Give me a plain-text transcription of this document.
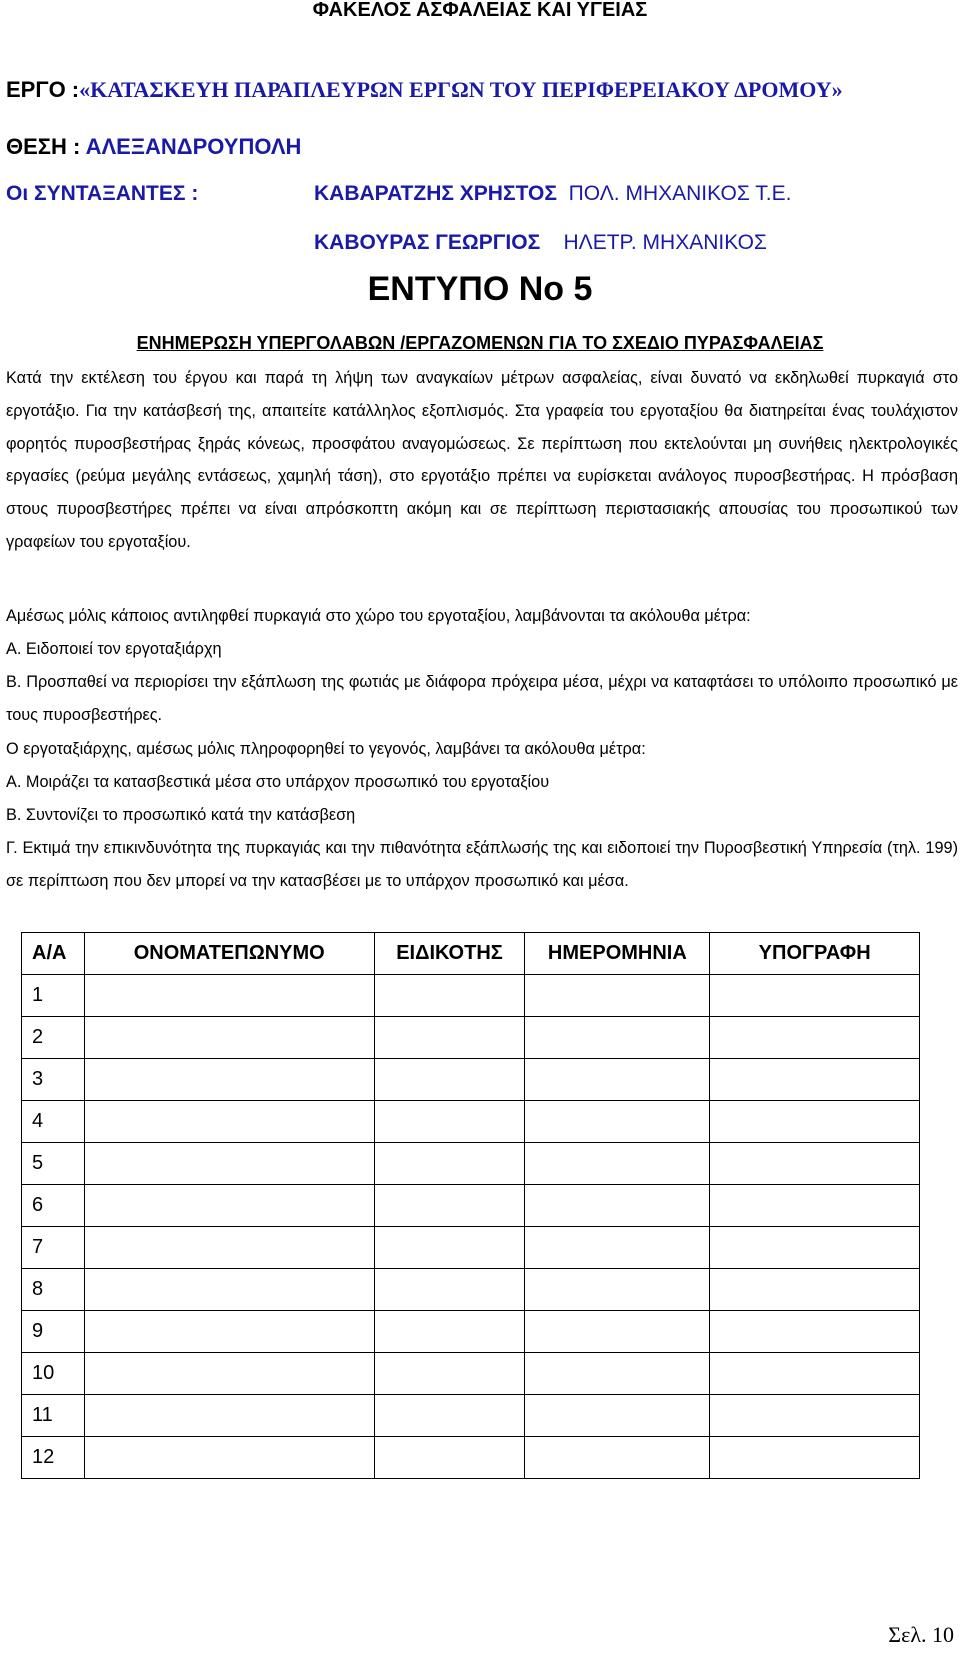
ΦΑΚΕΛΟΣ ΑΣΦΑΛΕΙΑΣ ΚΑΙ ΥΓΕΙΑΣ
ΕΡΓΟ :«ΚΑΤΑΣΚΕΥΗ ΠΑΡΑΠΛΕΥΡΩΝ ΕΡΓΩΝ ΤΟΥ ΠΕΡΙΦΕΡΕΙΑΚΟΥ ΔΡΟΜΟΥ»
ΘΕΣΗ : ΑΛΕΞΑΝΔΡΟΥΠΟΛΗ
Οι ΣΥΝΤΑΞΑΝΤΕΣ :	ΚΑΒΑΡΑΤΖΗΣ ΧΡΗΣΤΟΣ ΠΟΛ. ΜΗΧΑΝΙΚΟΣ Τ.Ε.
ΚΑΒΟΥΡΑΣ ΓΕΩΡΓΙΟΣ ΗΛΕΤΡ. ΜΗΧΑΝΙΚΟΣ
ΕΝΤΥΠΟ Νο 5
ΕΝΗΜΕΡΩΣΗ ΥΠΕΡΓΟΛΑΒΩΝ /ΕΡΓΑΖΟΜΕΝΩΝ ΓΙΑ ΤΟ ΣΧΕΔΙΟ ΠΥΡΑΣΦΑΛΕΙΑΣ
Κατά την εκτέλεση του έργου και παρά τη λήψη των αναγκαίων μέτρων ασφαλείας, είναι δυνατό να εκδηλωθεί πυρκαγιά στο εργοτάξιο. Για την κατάσβεσή της, απαιτείτε κατάλληλος εξοπλισμός. Στα γραφεία του εργοταξίου θα διατηρείται ένας τουλάχιστον φορητός πυροσβεστήρας ξηράς κόνεως, προσφάτου αναγομώσεως. Σε περίπτωση που εκτελούνται μη συνήθεις ηλεκτρολογικές εργασίες (ρεύμα μεγάλης εντάσεως, χαμηλή τάση), στο εργοτάξιο πρέπει να ευρίσκεται ανάλογος πυροσβεστήρας. Η πρόσβαση στους πυροσβεστήρες πρέπει να είναι απρόσκοπτη ακόμη και σε περίπτωση περιστασιακής απουσίας του προσωπικού των γραφείων του εργοταξίου.
Αμέσως μόλις κάποιος αντιληφθεί πυρκαγιά στο χώρο του εργοταξίου, λαμβάνονται τα ακόλουθα μέτρα:
Α. Ειδοποιεί τον εργοταξιάρχη
Β. Προσπαθεί να περιορίσει την εξάπλωση της φωτιάς με διάφορα πρόχειρα μέσα, μέχρι να καταφτάσει το υπόλοιπο προσωπικό με τους πυροσβεστήρες.
Ο εργοταξιάρχης, αμέσως μόλις πληροφορηθεί το γεγονός, λαμβάνει τα ακόλουθα μέτρα:
Α. Μοιράζει τα κατασβεστικά μέσα στο υπάρχον προσωπικό του εργοταξίου
Β. Συντονίζει το προσωπικό κατά την κατάσβεση
Γ. Εκτιμά την επικινδυνότητα της πυρκαγιάς και την πιθανότητα εξάπλωσής της και ειδοποιεί την Πυροσβεστική Υπηρεσία (τηλ. 199) σε περίπτωση που δεν μπορεί να την κατασβέσει με το υπάρχον προσωπικό και μέσα.
Α/Α	ΟΝΟΜΑΤΕΠΩΝΥΜΟ	ΕΙΔΙΚΟΤΗΣ	ΗΜΕΡΟΜΗΝΙΑ	ΥΠΟΓΡΑΦΗ
1				
2				
3				
4				
5				
6				
7				
8				
9				
10				
11				
12				
Σελ. 10
